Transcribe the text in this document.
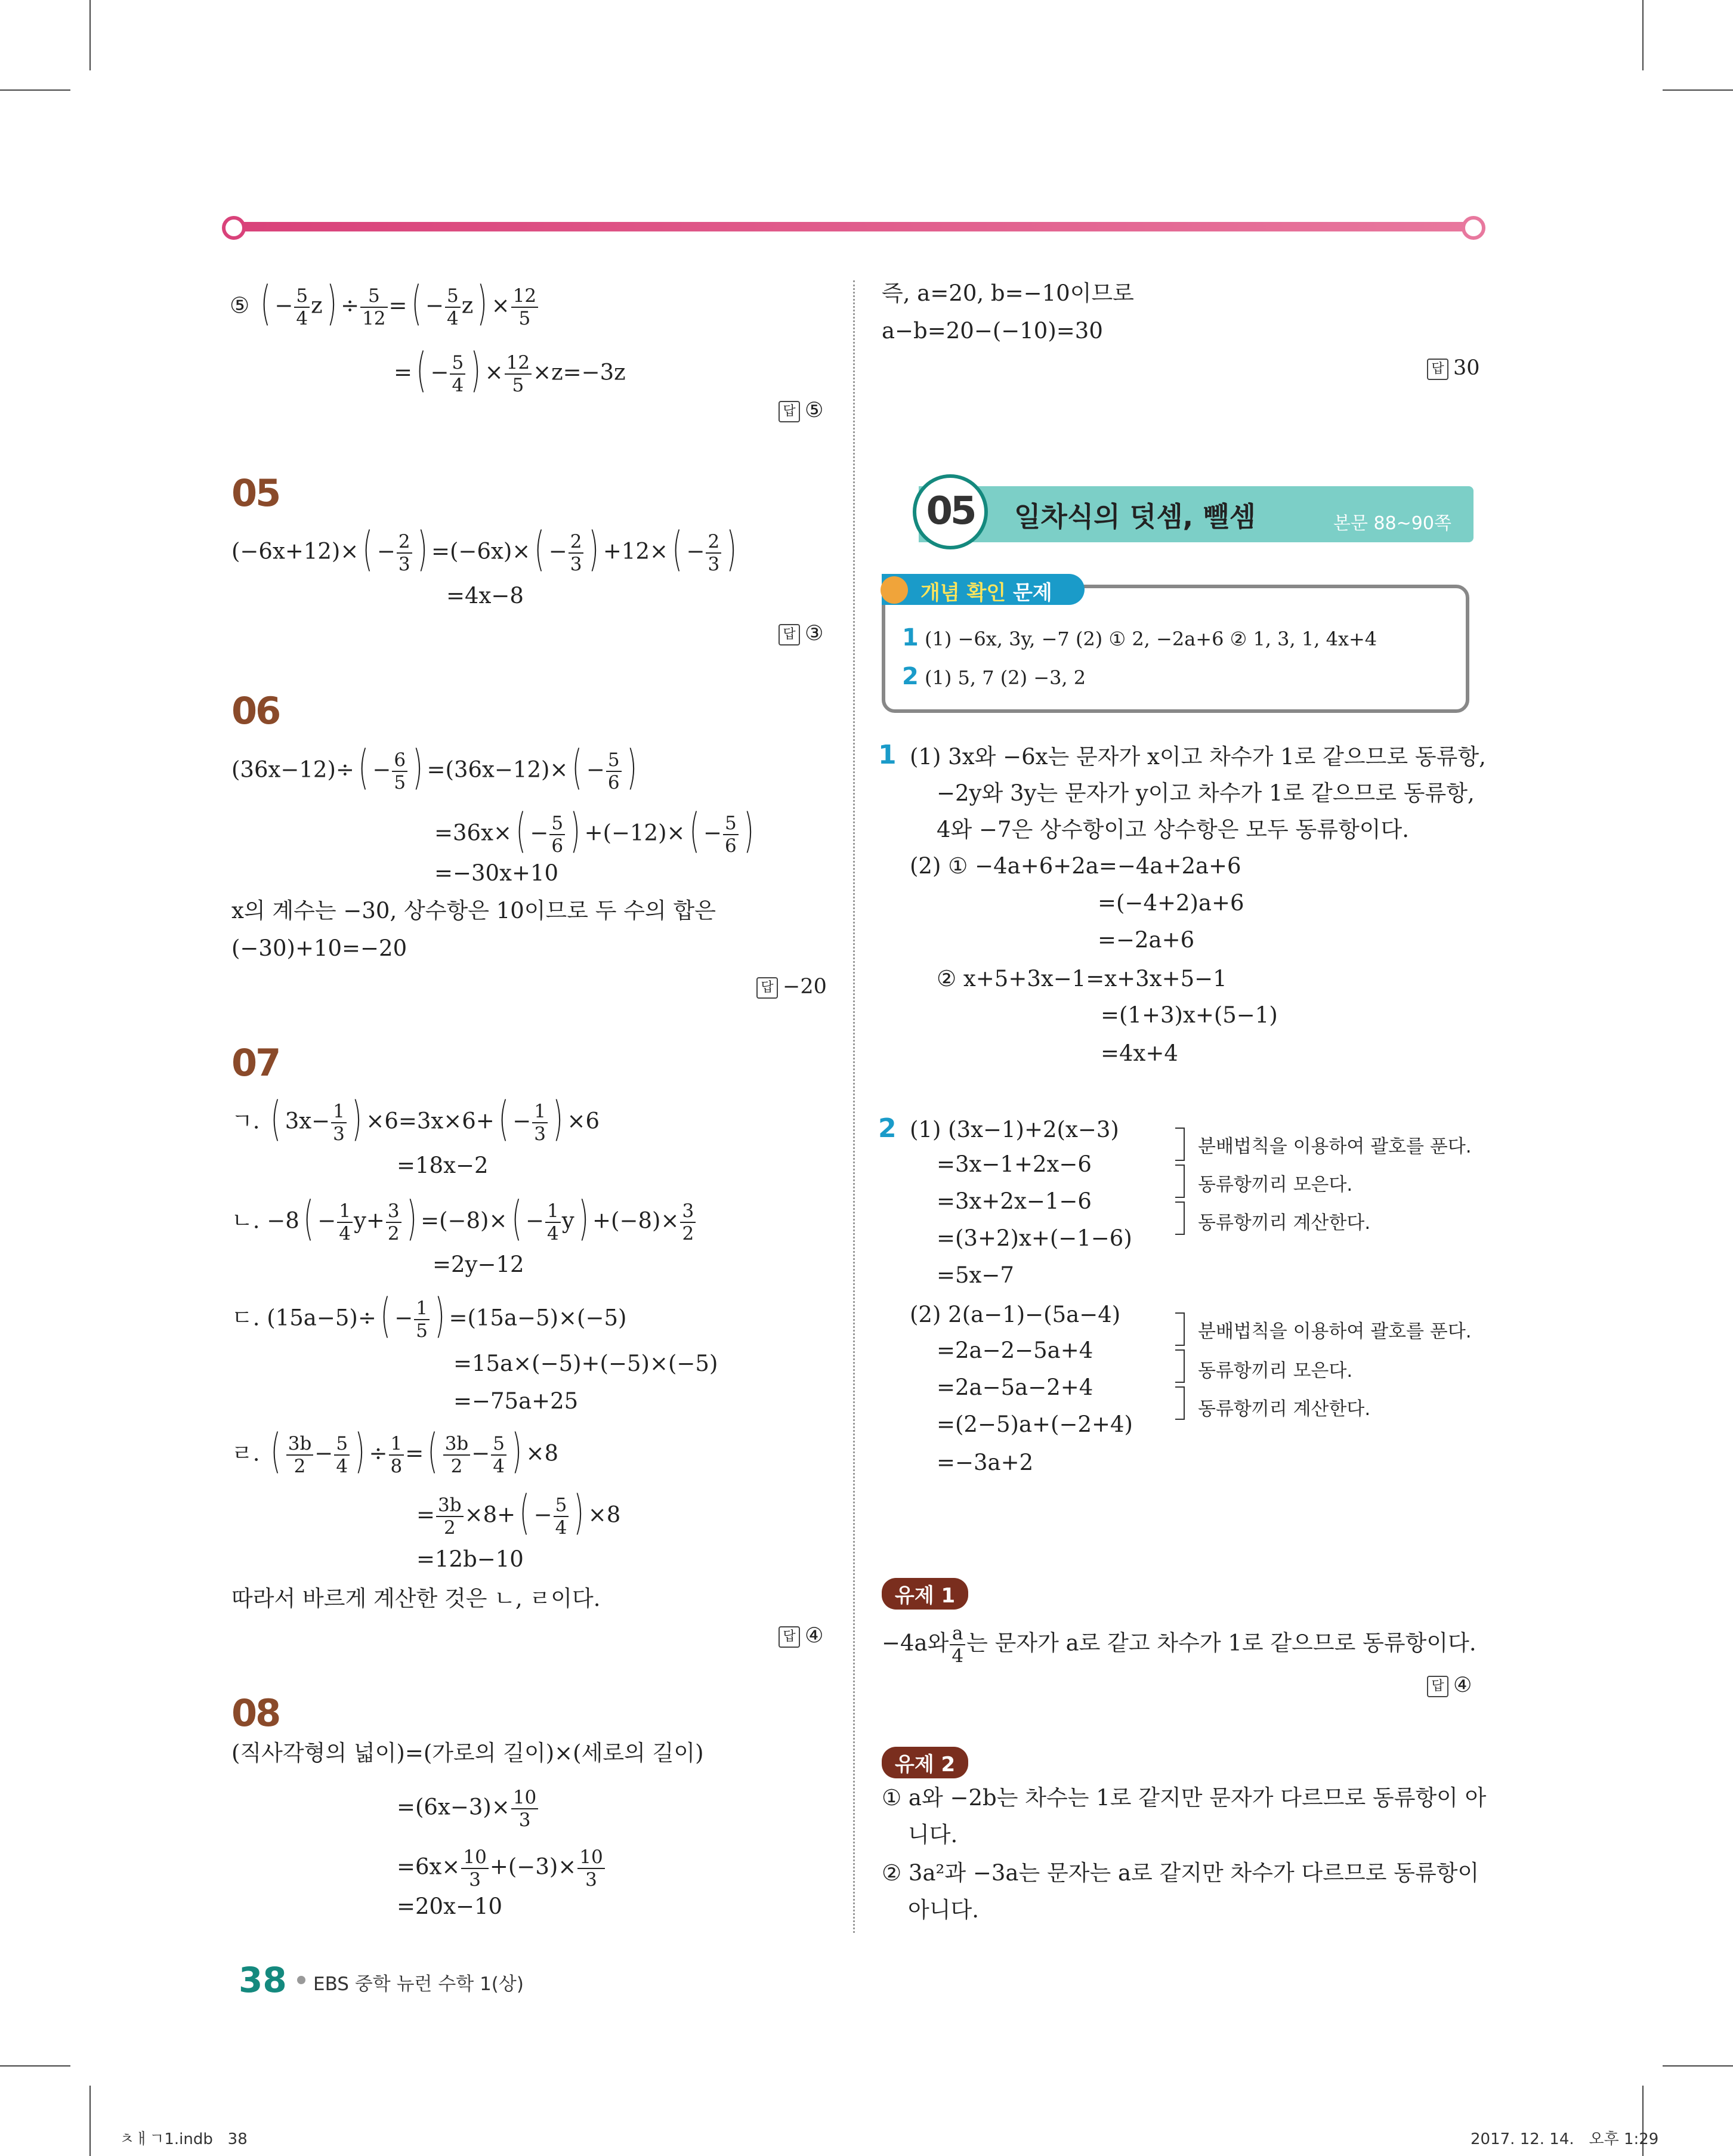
⑤ ( − $\frac{5}{4} z) \div \frac{5}{12}$ =( − $\frac{5}{4} z) \times \frac{12}{5}$
=( − $\frac{5}{4}$ ) × $\frac{12}{5} \times z=-3z$
답 ⑤
05
$(-6x+12)\times( - \frac{2}{3}$ ) $=(-6x)\times( - \frac{2}{3}$ ) $+12\times( - \frac{2}{3}$ )
=4x−8
답 ③
06
$(36x-12)\div( - \frac{6}{5}$ ) $=(36x-12)\times( - \frac{5}{6}$ )
$=36x\times( - \frac{5}{6}$ ) $+(-12)\times( - \frac{5}{6}$ )
=−30x+10
x의 계수는 −30, 상수항은 10이므로 두 수의 합은
(−30)+10=−20
답 −20
07
ㄱ. ( $3x- \frac{1}{3}$ ) $\times 6=3x\times 6+( - \frac{1}{3}$ ) ×6
=18x−2
ㄴ. $-8( - \frac{1}{4} y+ \frac{3}{2}$ ) $=(-8)\times( - \frac{1}{4} y) +(-8)\times \frac{3}{2}$
=2y−12
ㄷ. $(15a-5)\div( - \frac{1}{5}$ ) =(15a−5)×(−5)
=15a×(−5)+(−5)×(−5)
=−75a+25
ㄹ. ( $\frac{3b}{2} - \frac{5}{4}$ ) ÷ $\frac{1}{8}$ =( $\frac{3b}{2} - \frac{5}{4}$ ) ×8
= $\frac{3b}{2} \times 8+( - \frac{5}{4}$ ) ×8
=12b−10
따라서 바르게 계산한 것은 ㄴ, ㄹ이다.
답 ④
08
(직사각형의 넓이)=(가로의 길이)×(세로의 길이)
$=(6x-3)\times \frac{10}{3}$
$=6x\times \frac{10}{3} +(-3)\times \frac{10}{3}$
=20x−10
즉, a=20, b=−10이므로
a−b=20−(−10)=30
답 30
05	일차식의 덧셈, 뺄셈	본문 88~90쪽
개념 확인 문제
1 (1) −6x, 3y, −7 (2) ① 2, −2a+6 ② 1, 3, 1, 4x+4
2 (1) 5, 7 (2) −3, 2
1 (1) 3x와 −6x는 문자가 x이고 차수가 1로 같으므로 동류항,
−2y와 3y는 문자가 y이고 차수가 1로 같으므로 동류항,
4와 −7은 상수항이고 상수항은 모두 동류항이다.
(2) ① −4a+6+2a=−4a+2a+6
=(−4+2)a+6
=−2a+6
② x+5+3x−1=x+3x+5−1
=(1+3)x+(5−1)
=4x+4
2 (1) (3x−1)+2(x−3)
=3x−1+2x−6
=3x+2x−1−6
=(3+2)x+(−1−6)
=5x−7
분배법칙을 이용하여 괄호를 푼다.
동류항끼리 모은다.
동류항끼리 계산한다.
(2) 2(a−1)−(5a−4)
=2a−2−5a+4
=2a−5a−2+4
=(2−5)a+(−2+4)
=−3a+2
분배법칙을 이용하여 괄호를 푼다.
동류항끼리 모은다.
동류항끼리 계산한다.
유제 1
−4a와 $\frac{a}{4}$ 는 문자가 a로 같고 차수가 1로 같으므로 동류항이다.
답 ④
유제 2
① a와 −2b는 차수는 1로 같지만 문자가 다르므로 동류항이 아
니다.
② 3a²과 −3a는 문자는 a로 같지만 차수가 다르므로 동류항이
아니다.
38 EBS 중학 뉴런 수학 1(상)
ㅊㅐㄱ1.indb   38	2017. 12. 14.   오후 1:29
